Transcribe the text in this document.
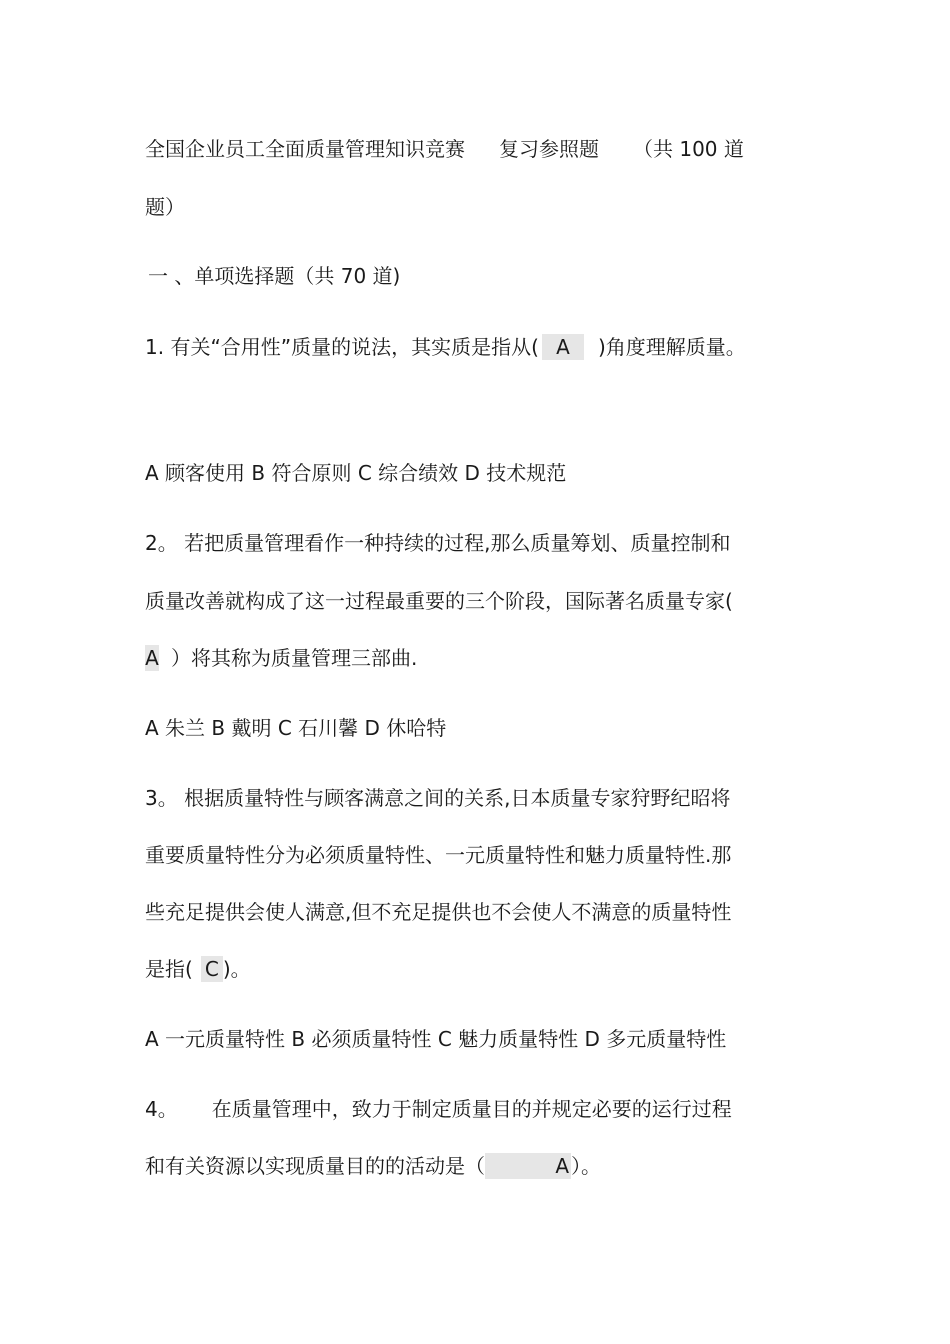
全国企业员工全面质量管理知识竞赛 复习参照题 （共 100 道
题）
一 、单项选择题（共 70 道)
1. 有关“合用性”质量的说法，其实质是指从( A )角度理解质量。
A 顾客使用 B 符合原则 C 综合绩效 D 技术规范
2。 若把质量管理看作一种持续的过程,那么质量筹划、质量控制和
质量改善就构成了这一过程最重要的三个阶段，国际著名质量专家(
A ）将其称为质量管理三部曲.
A 朱兰 B 戴明 C 石川馨 D 休哈特
3。 根据质量特性与顾客满意之间的关系,日本质量专家狩野纪昭将
重要质量特性分为必须质量特性、一元质量特性和魅力质量特性.那
些充足提供会使人满意,但不充足提供也不会使人不满意的质量特性
是指( C )。
A 一元质量特性 B 必须质量特性 C 魅力质量特性 D 多元质量特性
4。 在质量管理中，致力于制定质量目的并规定必要的运行过程
和有关资源以实现质量目的的活动是（	A ）。
